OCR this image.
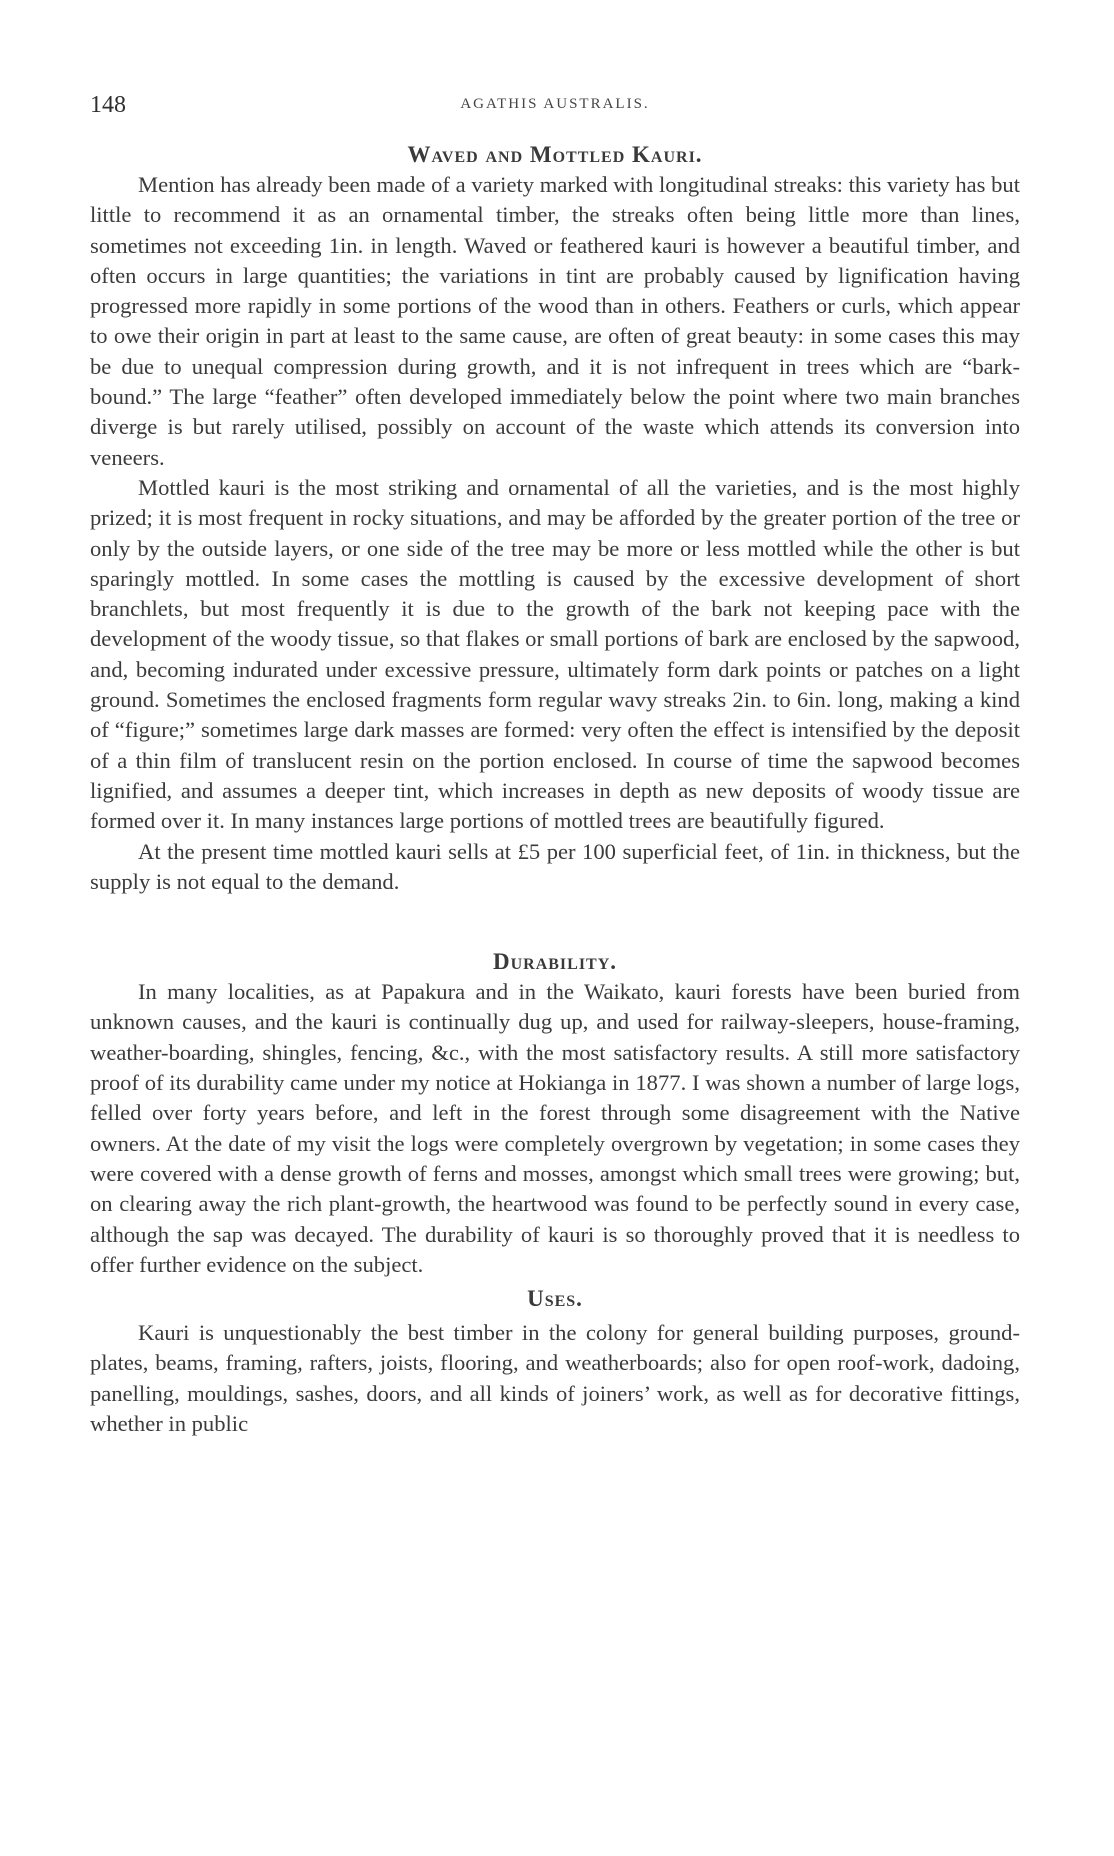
148	AGATHIS AUSTRALIS.
Waved and Mottled Kauri.

Mention has already been made of a variety marked with longitudinal streaks: this variety has but little to recommend it as an ornamental timber, the streaks often being little more than lines, sometimes not exceeding 1in. in length. Waved or feathered kauri is however a beautiful timber, and often occurs in large quantities; the variations in tint are probably caused by lignification having progressed more rapidly in some portions of the wood than in others. Feathers or curls, which appear to owe their origin in part at least to the same cause, are often of great beauty: in some cases this may be due to unequal compression during growth, and it is not infrequent in trees which are “bark-bound.” The large “feather” often developed immediately below the point where two main branches diverge is but rarely utilised, possibly on account of the waste which attends its conversion into veneers.

Mottled kauri is the most striking and ornamental of all the varieties, and is the most highly prized; it is most frequent in rocky situations, and may be afforded by the greater portion of the tree or only by the outside layers, or one side of the tree may be more or less mottled while the other is but sparingly mottled. In some cases the mottling is caused by the excessive development of short branchlets, but most frequently it is due to the growth of the bark not keeping pace with the development of the woody tissue, so that flakes or small portions of bark are enclosed by the sapwood, and, becoming indurated under excessive pressure, ultimately form dark points or patches on a light ground. Sometimes the enclosed fragments form regular wavy streaks 2in. to 6in. long, making a kind of “figure;” sometimes large dark masses are formed: very often the effect is intensified by the deposit of a thin film of translucent resin on the portion enclosed. In course of time the sapwood becomes lignified, and assumes a deeper tint, which increases in depth as new deposits of woody tissue are formed over it. In many instances large portions of mottled trees are beautifully figured.

At the present time mottled kauri sells at £5 per 100 superficial feet, of 1in. in thickness, but the supply is not equal to the demand.

Durability.

In many localities, as at Papakura and in the Waikato, kauri forests have been buried from unknown causes, and the kauri is continually dug up, and used for railway-sleepers, house-framing, weather-boarding, shingles, fencing, &c., with the most satisfactory results. A still more satisfactory proof of its durability came under my notice at Hokianga in 1877. I was shown a number of large logs, felled over forty years before, and left in the forest through some disagreement with the Native owners. At the date of my visit the logs were completely overgrown by vegetation; in some cases they were covered with a dense growth of ferns and mosses, amongst which small trees were growing; but, on clearing away the rich plant-growth, the heartwood was found to be perfectly sound in every case, although the sap was decayed. The durability of kauri is so thoroughly proved that it is needless to offer further evidence on the subject.

Uses.

Kauri is unquestionably the best timber in the colony for general building purposes, ground-plates, beams, framing, rafters, joists, flooring, and weatherboards; also for open roof-work, dadoing, panelling, mouldings, sashes, doors, and all kinds of joiners’ work, as well as for decorative fittings, whether in public
